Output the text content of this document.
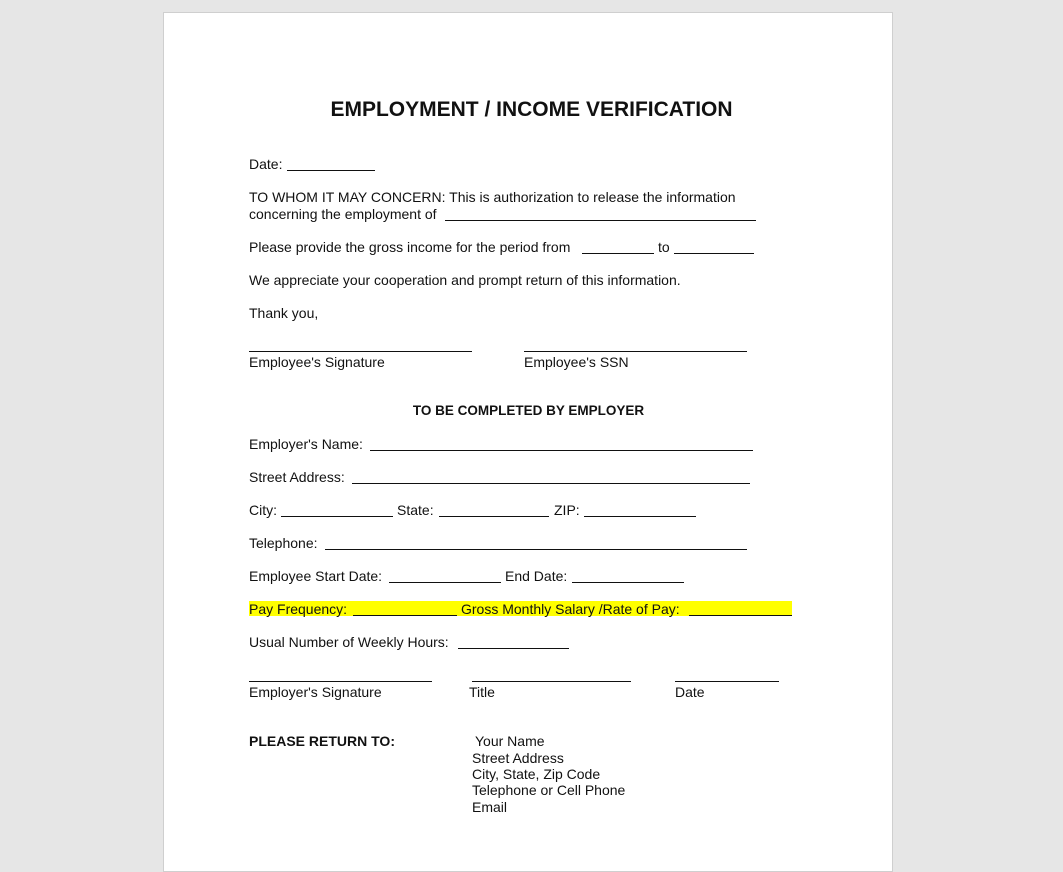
EMPLOYMENT / INCOME VERIFICATION
Date:
TO WHOM IT MAY CONCERN: This is authorization to release the information
concerning the employment of
Please provide the gross income for the period from	to
We appreciate your cooperation and prompt return of this information.
Thank you,
Employee's Signature	Employee's SSN
TO BE COMPLETED BY EMPLOYER
Employer's Name:
Street Address:
City:	State:	ZIP:
Telephone:
Employee Start Date:	End Date:
Pay Frequency:	Gross Monthly Salary /Rate of Pay:
Usual Number of Weekly Hours:
Employer's Signature	Title	Date
PLEASE RETURN TO:	Your Name
Street Address
City, State, Zip Code
Telephone or Cell Phone
Email
